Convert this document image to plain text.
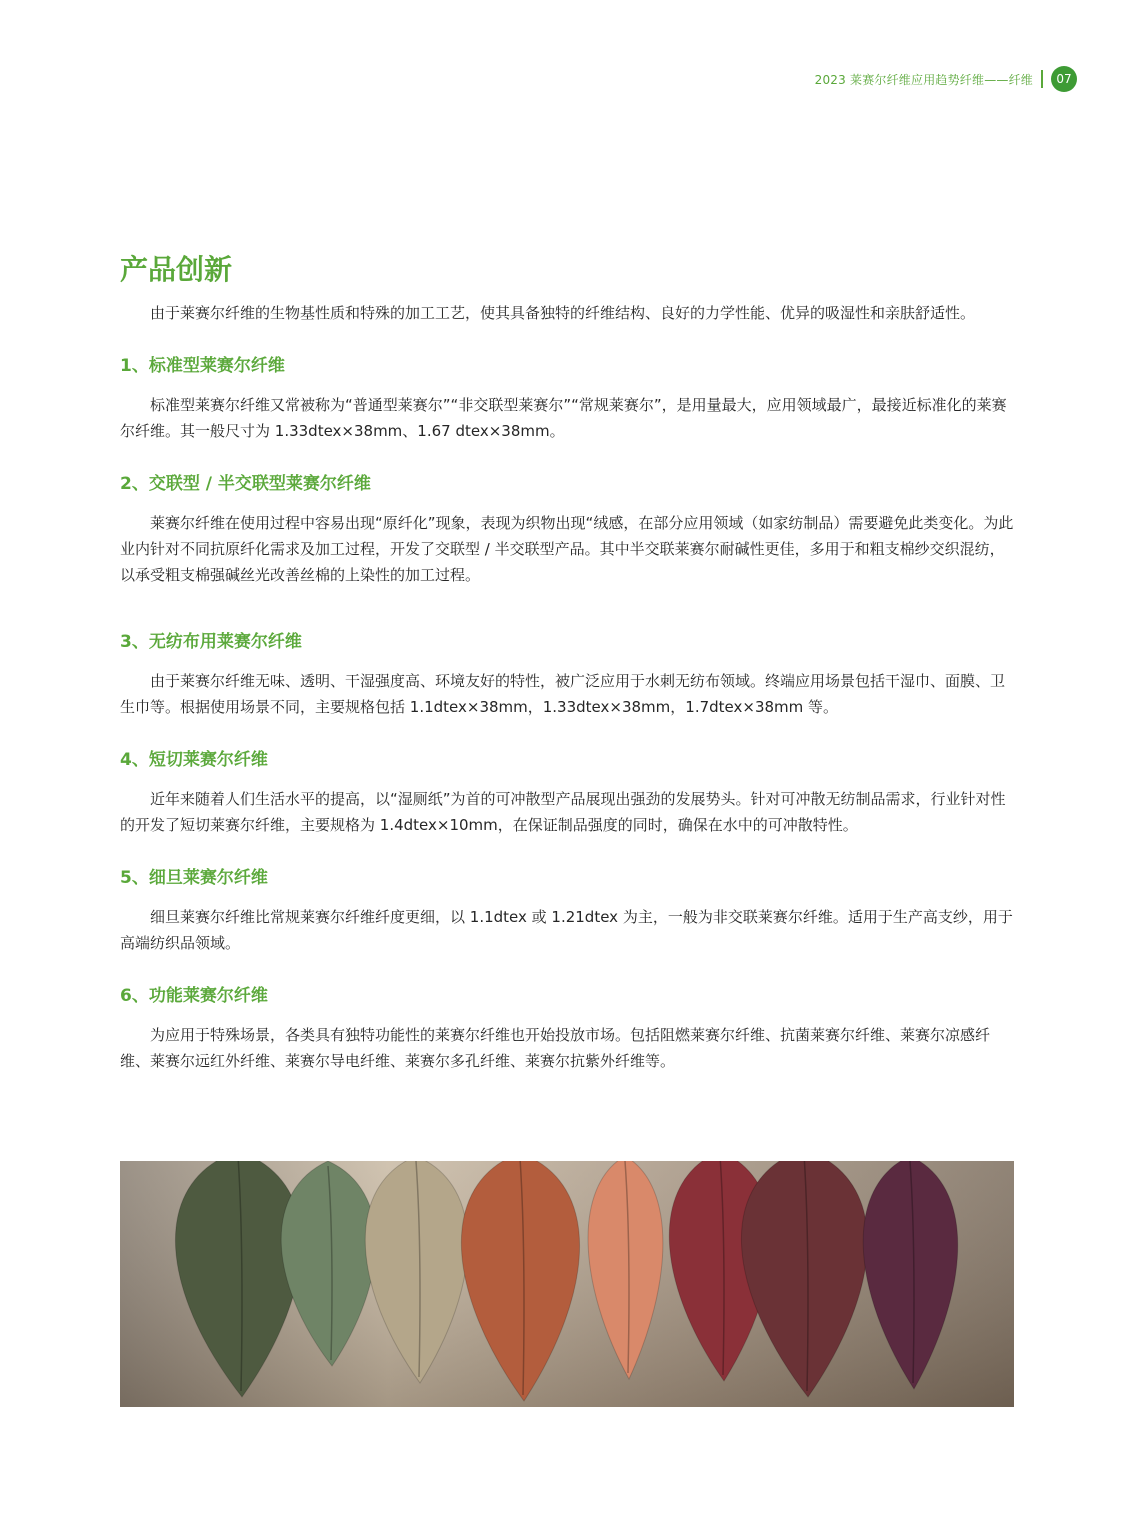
2023 莱赛尔纤维应用趋势纤维——纤维	07
产品创新

由于莱赛尔纤维的生物基性质和特殊的加工工艺，使其具备独特的纤维结构、良好的力学性能、优异的吸湿性和亲肤舒适性。

1、标准型莱赛尔纤维

标准型莱赛尔纤维又常被称为“普通型莱赛尔”“非交联型莱赛尔”“常规莱赛尔”，是用量最大，应用领域最广，最接近标准化的莱赛尔纤维。其一般尺寸为 1.33dtex×38mm、1.67 dtex×38mm。

2、交联型 / 半交联型莱赛尔纤维

莱赛尔纤维在使用过程中容易出现“原纤化”现象，表现为织物出现“绒感，在部分应用领域（如家纺制品）需要避免此类变化。为此业内针对不同抗原纤化需求及加工过程，开发了交联型 / 半交联型产品。其中半交联莱赛尔耐碱性更佳，多用于和粗支棉纱交织混纺，以承受粗支棉强碱丝光改善丝棉的上染性的加工过程。

3、无纺布用莱赛尔纤维

由于莱赛尔纤维无味、透明、干湿强度高、环境友好的特性，被广泛应用于水刺无纺布领域。终端应用场景包括干湿巾、面膜、卫生巾等。根据使用场景不同，主要规格包括 1.1dtex×38mm，1.33dtex×38mm，1.7dtex×38mm 等。

4、短切莱赛尔纤维

近年来随着人们生活水平的提高，以“湿厕纸”为首的可冲散型产品展现出强劲的发展势头。针对可冲散无纺制品需求，行业针对性的开发了短切莱赛尔纤维，主要规格为 1.4dtex×10mm，在保证制品强度的同时，确保在水中的可冲散特性。

5、细旦莱赛尔纤维

细旦莱赛尔纤维比常规莱赛尔纤维纤度更细，以 1.1dtex 或 1.21dtex 为主，一般为非交联莱赛尔纤维。适用于生产高支纱，用于高端纺织品领域。

6、功能莱赛尔纤维

为应用于特殊场景，各类具有独特功能性的莱赛尔纤维也开始投放市场。包括阻燃莱赛尔纤维、抗菌莱赛尔纤维、莱赛尔凉感纤维、莱赛尔远红外纤维、莱赛尔导电纤维、莱赛尔多孔纤维、莱赛尔抗紫外纤维等。
